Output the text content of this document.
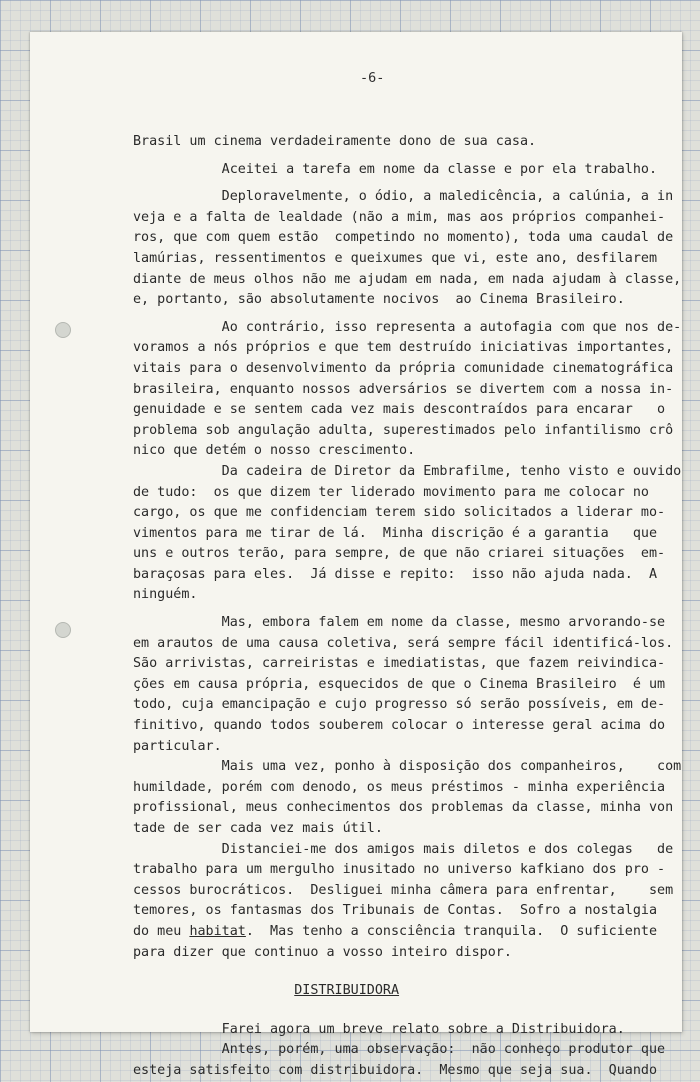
-6-
Brasil um cinema verdadeiramente dono de sua casa.
Aceitei a tarefa em nome da classe e por ela trabalho.
Deploravelmente, o ódio, a maledicência, a calúnia, a in
veja e a falta de lealdade (não a mim, mas aos próprios companhei-
ros, que com quem estão  competindo no momento), toda uma caudal de
lamúrias, ressentimentos e queixumes que vi, este ano, desfilarem
diante de meus olhos não me ajudam em nada, em nada ajudam à classe,
e, portanto, são absolutamente nocivos  ao Cinema Brasileiro.
Ao contrário, isso representa a autofagia com que nos de-
voramos a nós próprios e que tem destruído iniciativas importantes,
vitais para o desenvolvimento da própria comunidade cinematográfica
brasileira, enquanto nossos adversários se divertem com a nossa in-
genuidade e se sentem cada vez mais descontraídos para encarar   o
problema sob angulação adulta, superestimados pelo infantilismo crô
nico que detém o nosso crescimento.
Da cadeira de Diretor da Embrafilme, tenho visto e ouvido
de tudo:  os que dizem ter liderado movimento para me colocar no
cargo, os que me confidenciam terem sido solicitados a liderar mo-
vimentos para me tirar de lá.  Minha discrição é a garantia   que
uns e outros terão, para sempre, de que não criarei situações  em-
baraçosas para eles.  Já disse e repito:  isso não ajuda nada.  A
ninguém.
Mas, embora falem em nome da classe, mesmo arvorando-se
em arautos de uma causa coletiva, será sempre fácil identificá-los.
São arrivistas, carreiristas e imediatistas, que fazem reivindica-
ções em causa própria, esquecidos de que o Cinema Brasileiro  é um
todo, cuja emancipação e cujo progresso só serão possíveis, em de-
finitivo, quando todos souberem colocar o interesse geral acima do
particular.
Mais uma vez, ponho à disposição dos companheiros,    com
humildade, porém com denodo, os meus préstimos - minha experiência
profissional, meus conhecimentos dos problemas da classe, minha von
tade de ser cada vez mais útil.
Distanciei-me dos amigos mais diletos e dos colegas   de
trabalho para um mergulho inusitado no universo kafkiano dos pro -
cessos burocráticos.  Desliguei minha câmera para enfrentar,    sem
temores, os fantasmas dos Tribunais de Contas.  Sofro a nostalgia
do meu habitat.  Mas tenho a consciência tranquila.  O suficiente
para dizer que continuo a vosso inteiro dispor.
DISTRIBUIDORA
Farei agora um breve relato sobre a Distribuidora.
Antes, porém, uma observação:  não conheço produtor que
esteja satisfeito com distribuidora.  Mesmo que seja sua.  Quando
